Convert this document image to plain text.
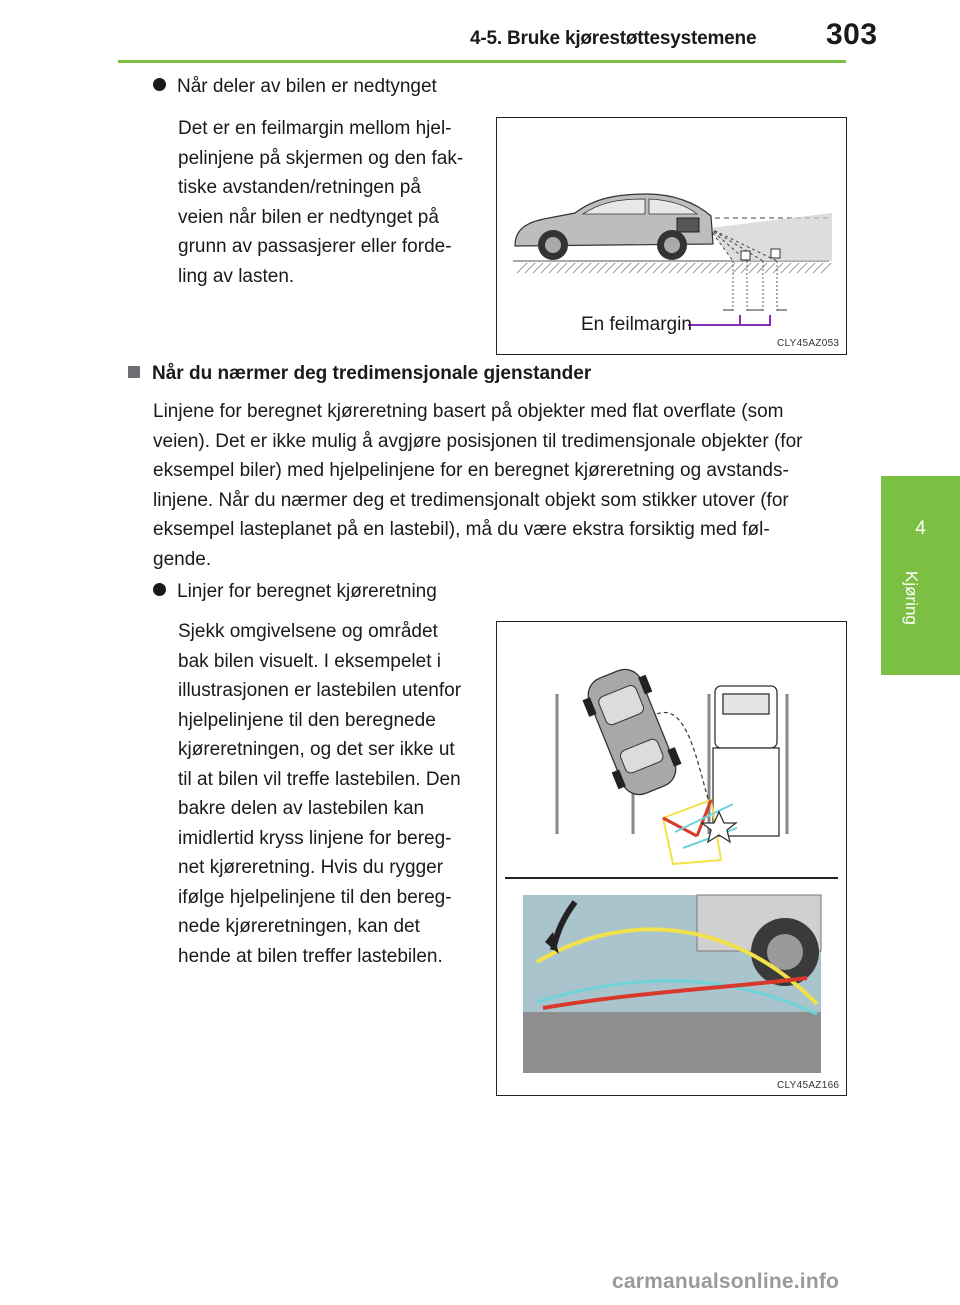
4-5. Bruke kjørestøttesystemene 303
4
Kjøring
Når deler av bilen er nedtynget
Det er en feilmargin mellom hjel-
pelinjene på skjermen og den fak-
tiske avstanden/retningen på
veien når bilen er nedtynget på
grunn av passasjerer eller forde-
ling av lasten.
En feilmargin
CLY45AZ053
Når du nærmer deg tredimensjonale gjenstander
Linjene for beregnet kjøreretning basert på objekter med flat overflate (som
veien). Det er ikke mulig å avgjøre posisjonen til tredimensjonale objekter (for
eksempel biler) med hjelpelinjene for en beregnet kjøreretning og avstands-
linjene. Når du nærmer deg et tredimensjonalt objekt som stikker utover (for
eksempel lasteplanet på en lastebil), må du være ekstra forsiktig med føl-
gende.
Linjer for beregnet kjøreretning
Sjekk omgivelsene og området
bak bilen visuelt. I eksempelet i
illustrasjonen er lastebilen utenfor
hjelpelinjene til den beregnede
kjøreretningen, og det ser ikke ut
til at bilen vil treffe lastebilen. Den
bakre delen av lastebilen kan
imidlertid kryss linjene for bereg-
net kjøreretning. Hvis du rygger
ifølge hjelpelinjene til den bereg-
nede kjøreretningen, kan det
hende at bilen treffer lastebilen.
CLY45AZ166
carmanualsonline.info
